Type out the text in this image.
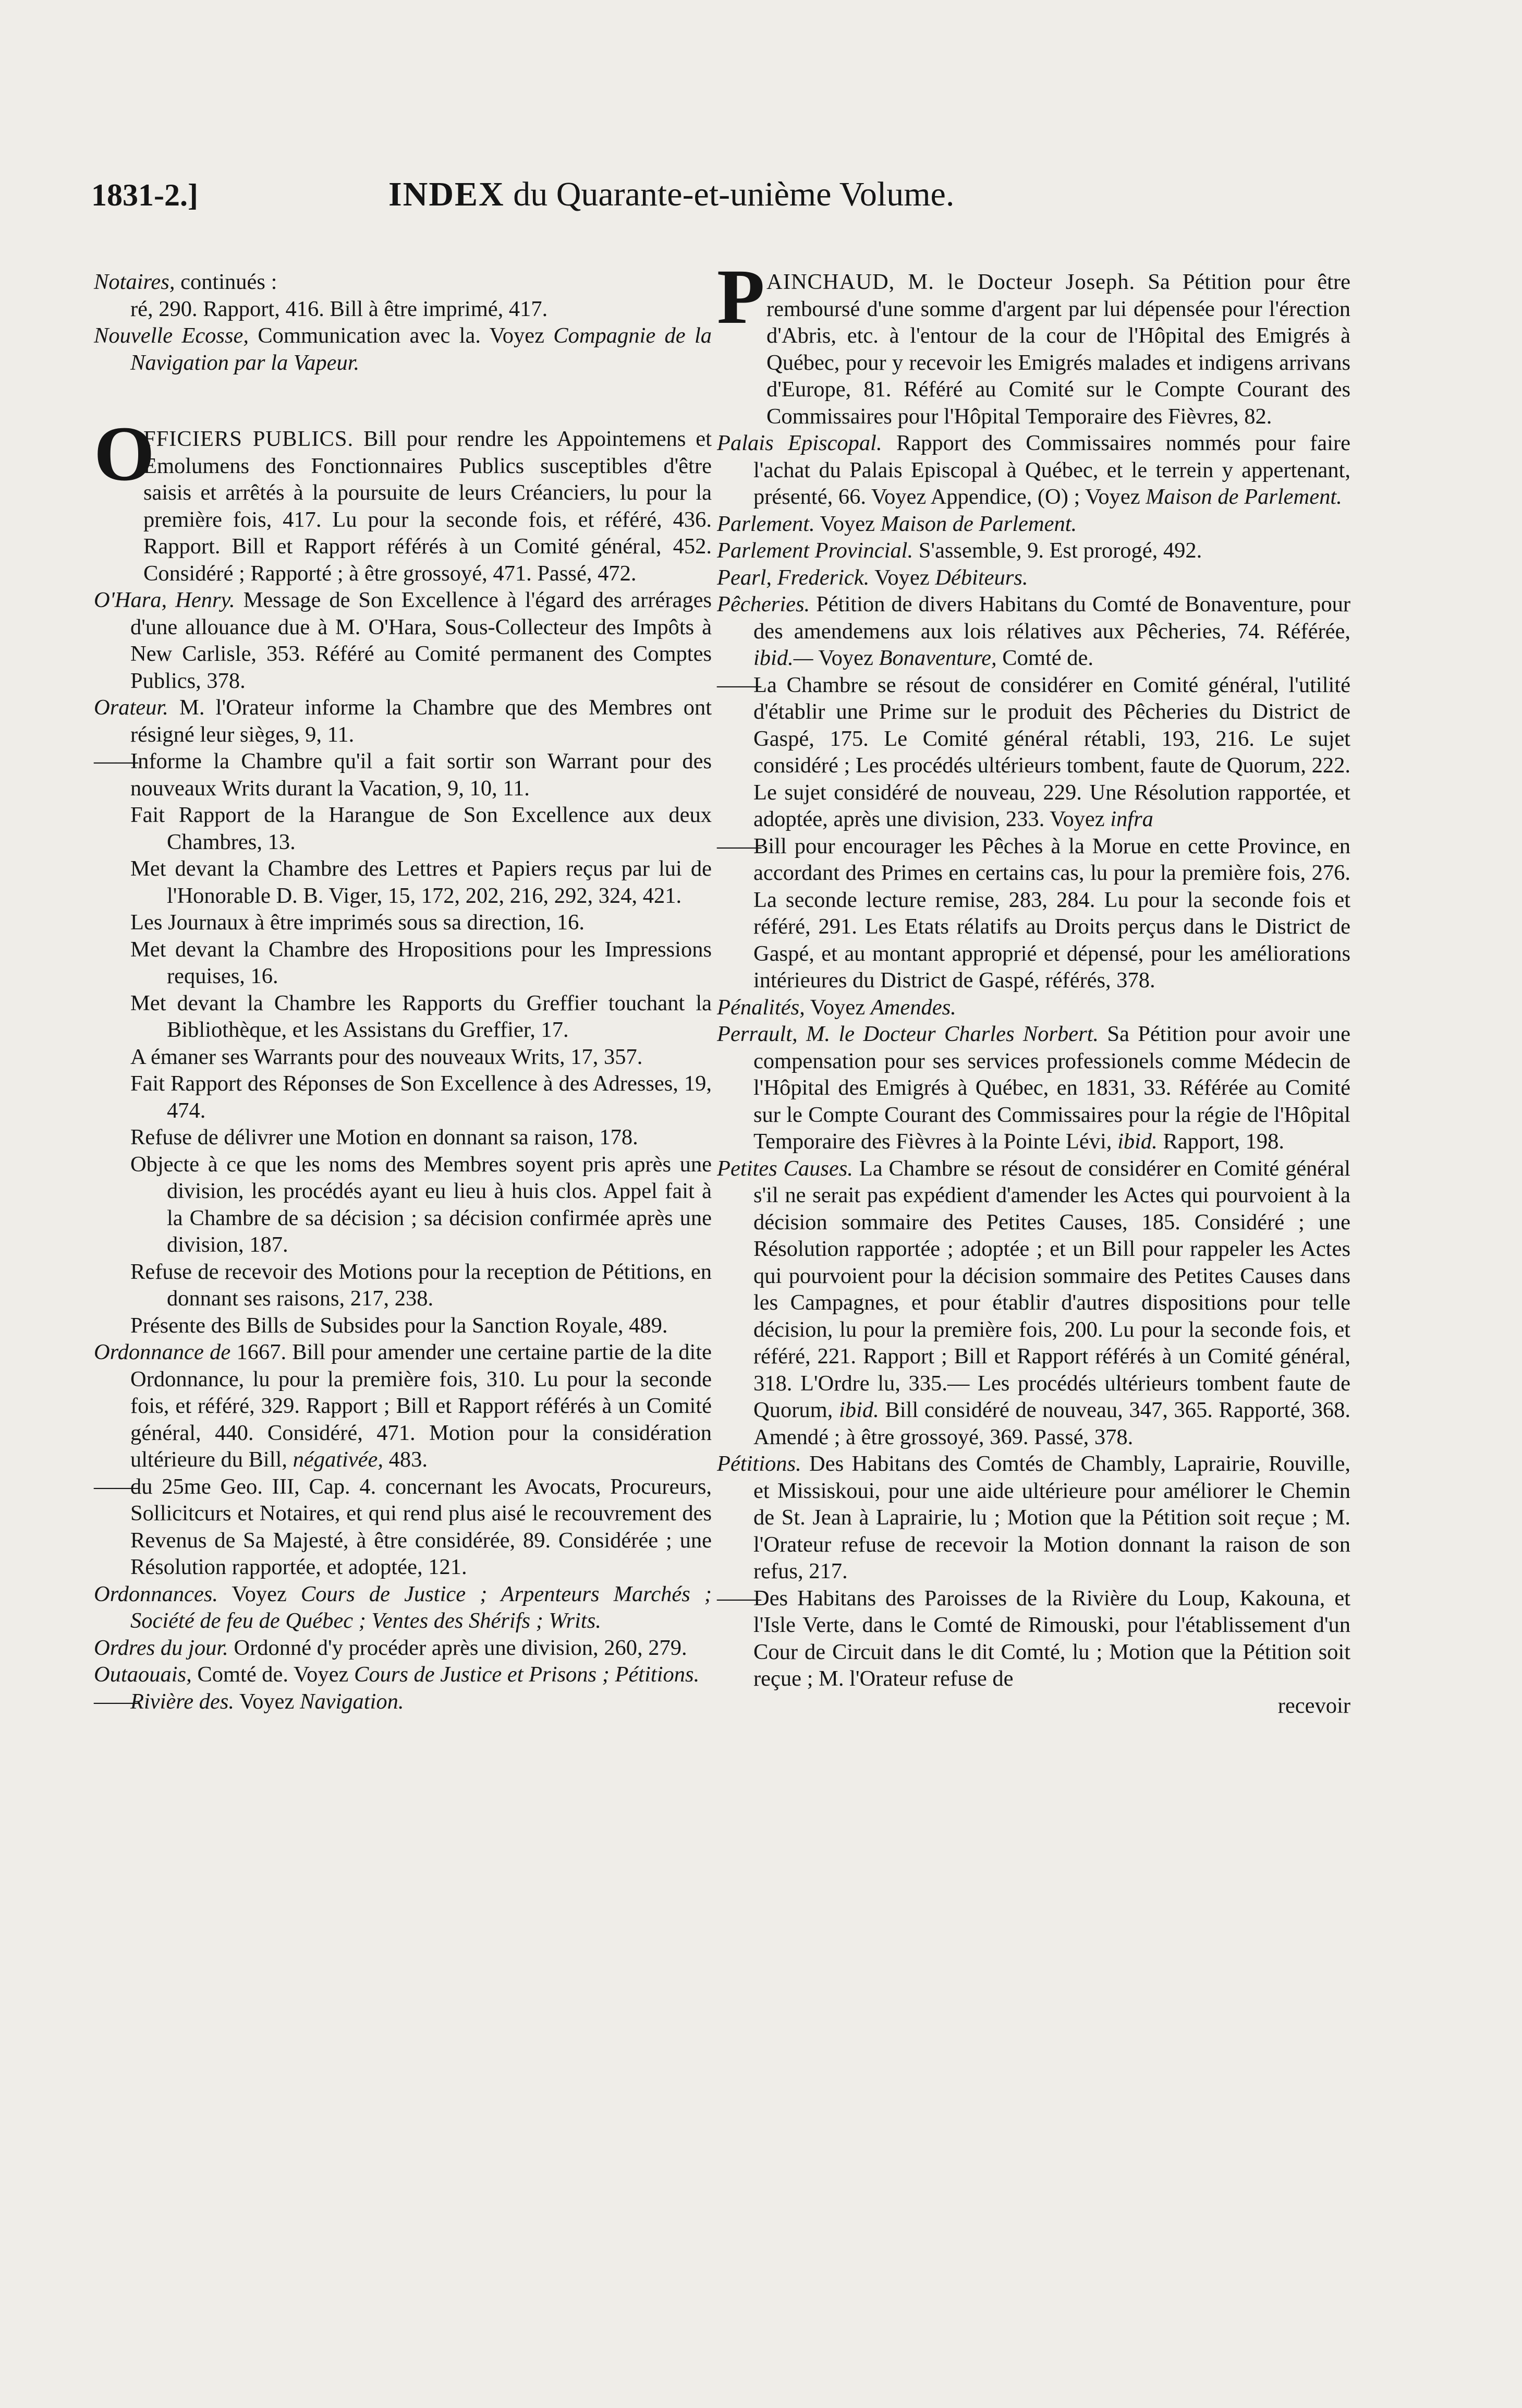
1831-2.]	INDEX du Quarante-et-unième Volume.

Notaires, continués :

ré, 290. Rapport, 416. Bill à être imprimé, 417.

Nouvelle Ecosse, Communication avec la. Voyez Compagnie de la Navigation par la Vapeur.

O
FFICIERS PUBLICS. Bill pour rendre les Appointemens et Emolumens des Fonctionnaires Publics susceptibles d'être saisis et arrêtés à la poursuite de leurs Créanciers, lu pour la première fois, 417. Lu pour la seconde fois, et référé, 436. Rapport. Bill et Rapport référés à un Comité général, 452. Considéré ; Rapporté ; à être grossoyé, 471. Passé, 472.

O'Hara, Henry. Message de Son Excellence à l'égard des arrérages d'une allouance due à M. O'Hara, Sous-Collecteur des Impôts à New Carlisle, 353. Référé au Comité permanent des Comptes Publics, 378.

Orateur. M. l'Orateur informe la Chambre que des Membres ont résigné leur sièges, 9, 11.

——Informe la Chambre qu'il a fait sortir son Warrant pour des nouveaux Writs durant la Vacation, 9, 10, 11.

Fait Rapport de la Harangue de Son Excellence aux deux Chambres, 13.

Met devant la Chambre des Lettres et Papiers reçus par lui de l'Honorable D. B. Viger, 15, 172, 202, 216, 292, 324, 421.

Les Journaux à être imprimés sous sa direction, 16.

Met devant la Chambre des Hropositions pour les Impressions requises, 16.

Met devant la Chambre les Rapports du Greffier touchant la Bibliothèque, et les Assistans du Greffier, 17.

A émaner ses Warrants pour des nouveaux Writs, 17, 357.

Fait Rapport des Réponses de Son Excellence à des Adresses, 19, 474.

Refuse de délivrer une Motion en donnant sa raison, 178.

Objecte à ce que les noms des Membres soyent pris après une division, les procédés ayant eu lieu à huis clos. Appel fait à la Chambre de sa décision ; sa décision confirmée après une division, 187.

Refuse de recevoir des Motions pour la reception de Pétitions, en donnant ses raisons, 217, 238.

Présente des Bills de Subsides pour la Sanction Royale, 489.

Ordonnance de 1667. Bill pour amender une certaine partie de la dite Ordonnance, lu pour la première fois, 310. Lu pour la seconde fois, et référé, 329. Rapport ; Bill et Rapport référés à un Comité général, 440. Considéré, 471. Motion pour la considération ultérieure du Bill, négativée, 483.

——du 25me Geo. III, Cap. 4. concernant les Avocats, Procureurs, Sollicitcurs et Notaires, et qui rend plus aisé le recouvrement des Revenus de Sa Majesté, à être considérée, 89. Considérée ; une Résolution rapportée, et adoptée, 121.

Ordonnances. Voyez Cours de Justice ; Arpenteurs Marchés ; Société de feu de Québec ; Ventes des Shérifs ; Writs.

Ordres du jour. Ordonné d'y procéder après une division, 260, 279.

Outaouais, Comté de. Voyez Cours de Justice et Prisons ; Pétitions.

——Rivière des. Voyez Navigation.

P AINCHAUD, M. le Docteur Joseph. Sa Pétition pour être remboursé d'une somme d'argent par lui dépensée pour l'érection d'Abris, etc. à l'entour de la cour de l'Hôpital des Emigrés à Québec, pour y recevoir les Emigrés malades et indigens arrivans d'Europe, 81. Référé au Comité sur le Compte Courant des Commissaires pour l'Hôpital Temporaire des Fièvres, 82.

Palais Episcopal. Rapport des Commissaires nommés pour faire l'achat du Palais Episcopal à Québec, et le terrein y appertenant, présenté, 66. Voyez Appendice, (O) ; Voyez Maison de Parlement.

Parlement. Voyez Maison de Parlement.

Parlement Provincial. S'assemble, 9. Est prorogé, 492.

Pearl, Frederick. Voyez Débiteurs.

Pêcheries. Pétition de divers Habitans du Comté de Bonaventure, pour des amendemens aux lois rélatives aux Pêcheries, 74. Référée, ibid.— Voyez Bonaventure, Comté de.

——La Chambre se résout de considérer en Comité général, l'utilité d'établir une Prime sur le produit des Pêcheries du District de Gaspé, 175. Le Comité général rétabli, 193, 216. Le sujet considéré ; Les procédés ultérieurs tombent, faute de Quorum, 222. Le sujet considéré de nouveau, 229. Une Résolution rapportée, et adoptée, après une division, 233. Voyez infra

——Bill pour encourager les Pêches à la Morue en cette Province, en accordant des Primes en certains cas, lu pour la première fois, 276. La seconde lecture remise, 283, 284. Lu pour la seconde fois et référé, 291. Les Etats rélatifs au Droits perçus dans le District de Gaspé, et au montant approprié et dépensé, pour les améliorations intérieures du District de Gaspé, référés, 378.

Pénalités, Voyez Amendes.

Perrault, M. le Docteur Charles Norbert. Sa Pétition pour avoir une compensation pour ses services professionels comme Médecin de l'Hôpital des Emigrés à Québec, en 1831, 33. Référée au Comité sur le Compte Courant des Commissaires pour la régie de l'Hôpital Temporaire des Fièvres à la Pointe Lévi, ibid. Rapport, 198.

Petites Causes. La Chambre se résout de considérer en Comité général s'il ne serait pas expédient d'amender les Actes qui pourvoient à la décision sommaire des Petites Causes, 185. Considéré ; une Résolution rapportée ; adoptée ; et un Bill pour rappeler les Actes qui pourvoient pour la décision sommaire des Petites Causes dans les Campagnes, et pour établir d'autres dispositions pour telle décision, lu pour la première fois, 200. Lu pour la seconde fois, et référé, 221. Rapport ; Bill et Rapport référés à un Comité général, 318. L'Ordre lu, 335.— Les procédés ultérieurs tombent faute de Quorum, ibid. Bill considéré de nouveau, 347, 365. Rapporté, 368. Amendé ; à être grossoyé, 369. Passé, 378.

Pétitions. Des Habitans des Comtés de Chambly, Laprairie, Rouville, et Missiskoui, pour une aide ultérieure pour améliorer le Chemin de St. Jean à Laprairie, lu ; Motion que la Pétition soit reçue ; M. l'Orateur refuse de recevoir la Motion donnant la raison de son refus, 217.

——Des Habitans des Paroisses de la Rivière du Loup, Kakouna, et l'Isle Verte, dans le Comté de Rimouski, pour l'établissement d'un Cour de Circuit dans le dit Comté, lu ; Motion que la Pétition soit reçue ; M. l'Orateur refuse de

recevoir
